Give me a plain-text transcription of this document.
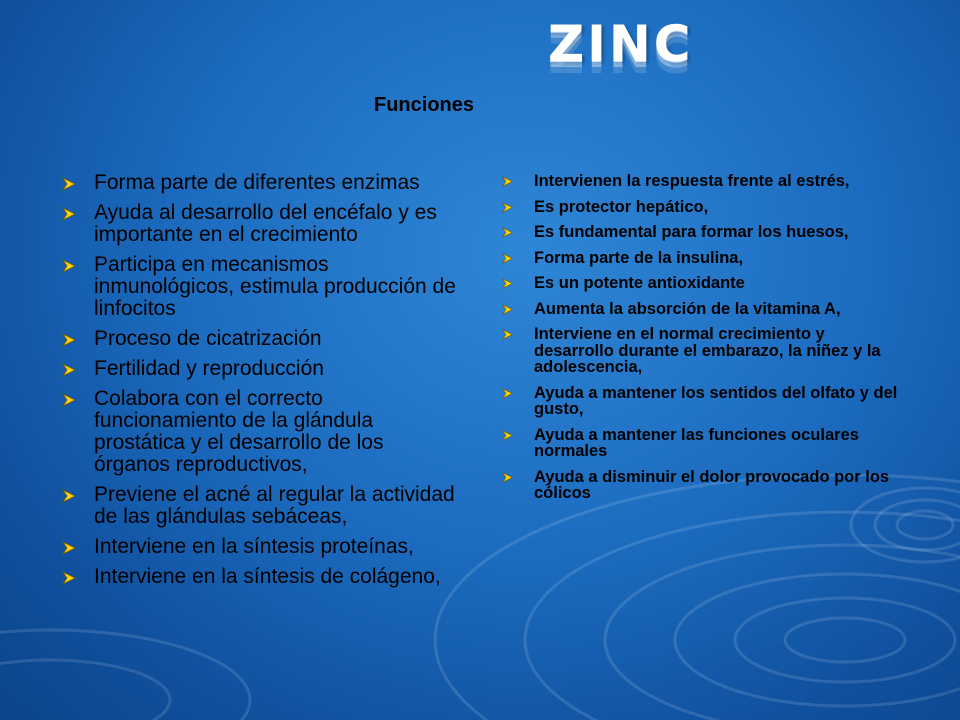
ZINC
Funciones
Forma parte de diferentes enzimas
Ayuda al desarrollo del encéfalo y es importante en el crecimiento
Participa en mecanismos inmunológicos, estimula producción de linfocitos
Proceso de cicatrización
Fertilidad y reproducción
Colabora con el correcto funcionamiento de la glándula prostática y el desarrollo de los órganos reproductivos,
Previene el acné al regular la actividad de las glándulas sebáceas,
Interviene en la síntesis proteínas,
Interviene en la síntesis de colágeno,
Intervienen la respuesta frente al estrés,
Es protector hepático,
Es fundamental para formar los huesos,
Forma parte de la insulina,
Es un potente antioxidante
Aumenta la absorción de la vitamina A,
Interviene en el normal crecimiento y desarrollo durante el embarazo, la niñez y la adolescencia,
Ayuda a mantener los sentidos del olfato y del gusto,
Ayuda a mantener las funciones oculares normales
Ayuda a disminuir el dolor provocado por los cólicos
